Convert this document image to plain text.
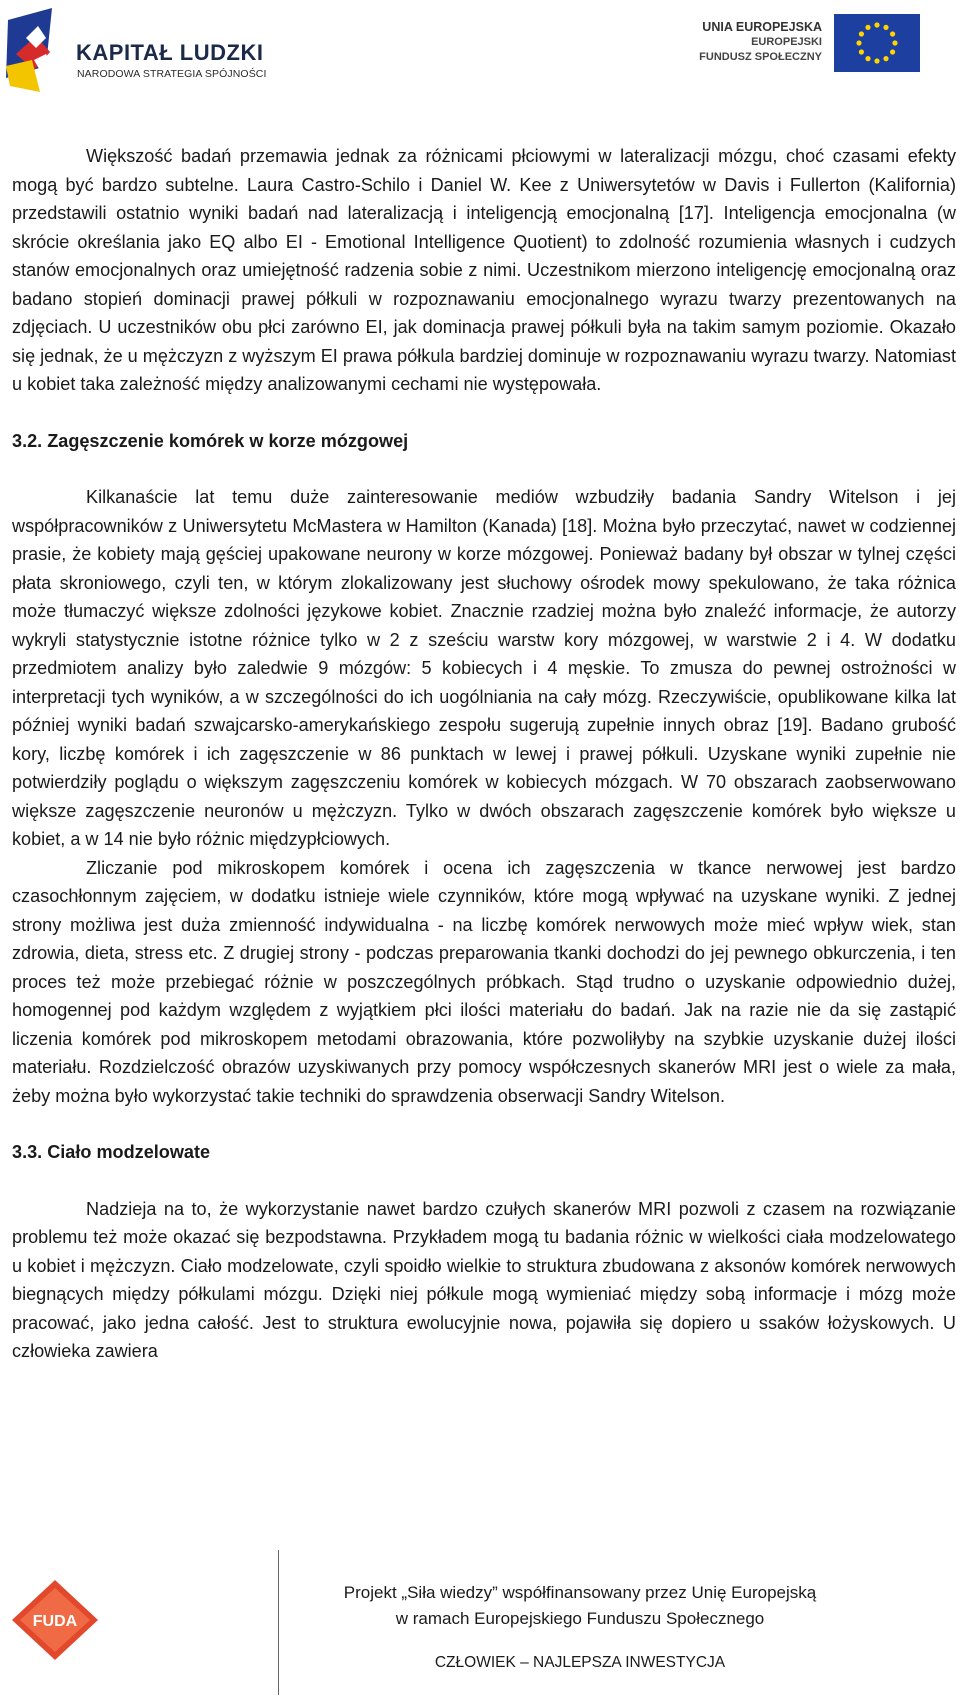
KAPITAŁ LUDZKI
NARODOWA STRATEGIA SPÓJNOŚCI
UNIA EUROPEJSKA
EUROPEJSKI
FUNDUSZ SPOŁECZNY

Większość badań przemawia jednak za różnicami płciowymi w lateralizacji mózgu, choć czasami efekty mogą być bardzo subtelne. Laura Castro-Schilo i Daniel W. Kee z Uniwersytetów w Davis i Fullerton (Kalifornia) przedstawili ostatnio wyniki badań nad lateralizacją i inteligencją emocjonalną [17]. Inteligencja emocjonalna (w skrócie określania jako EQ albo EI - Emotional Intelligence Quotient) to zdolność rozumienia własnych i cudzych stanów emocjonalnych oraz umiejętność radzenia sobie z nimi. Uczestnikom mierzono inteligencję emocjonalną oraz badano stopień dominacji prawej półkuli w rozpoznawaniu emocjonalnego wyrazu twarzy prezentowanych na zdjęciach. U uczestników obu płci zarówno EI, jak dominacja prawej półkuli była na takim samym poziomie. Okazało się jednak, że u mężczyzn z wyższym EI prawa półkula bardziej dominuje w rozpoznawaniu wyrazu twarzy. Natomiast u kobiet taka zależność między analizowanymi cechami nie występowała.

3.2. Zagęszczenie komórek w korze mózgowej

Kilkanaście lat temu duże zainteresowanie mediów wzbudziły badania Sandry Witelson i jej współpracowników z Uniwersytetu McMastera w Hamilton (Kanada) [18]. Można było przeczytać, nawet w codziennej prasie, że kobiety mają gęściej upakowane neurony w korze mózgowej. Ponieważ badany był obszar w tylnej części płata skroniowego, czyli ten, w którym zlokalizowany jest słuchowy ośrodek mowy spekulowano, że taka różnica może tłumaczyć większe zdolności językowe kobiet. Znacznie rzadziej można było znaleźć informacje, że autorzy wykryli statystycznie istotne różnice tylko w 2 z sześciu warstw kory mózgowej, w warstwie 2 i 4. W dodatku przedmiotem analizy było zaledwie 9 mózgów: 5 kobiecych i 4 męskie. To zmusza do pewnej ostrożności w interpretacji tych wyników, a w szczególności do ich uogólniania na cały mózg. Rzeczywiście, opublikowane kilka lat później wyniki badań szwajcarsko-amerykańskiego zespołu sugerują zupełnie innych obraz [19]. Badano grubość kory, liczbę komórek i ich zagęszczenie w 86 punktach w lewej i prawej półkuli. Uzyskane wyniki zupełnie nie potwierdziły poglądu o większym zagęszczeniu komórek w kobiecych mózgach. W 70 obszarach zaobserwowano większe zagęszczenie neuronów u mężczyzn. Tylko w dwóch obszarach zagęszczenie komórek było większe u kobiet, a w 14 nie było różnic międzypłciowych.

Zliczanie pod mikroskopem komórek i ocena ich zagęszczenia w tkance nerwowej jest bardzo czasochłonnym zajęciem, w dodatku istnieje wiele czynników, które mogą wpływać na uzyskane wyniki. Z jednej strony możliwa jest duża zmienność indywidualna - na liczbę komórek nerwowych może mieć wpływ wiek, stan zdrowia, dieta, stress etc. Z drugiej strony - podczas preparowania tkanki dochodzi do jej pewnego obkurczenia, i ten proces też może przebiegać różnie w poszczególnych próbkach. Stąd trudno o uzyskanie odpowiednio dużej, homogennej pod każdym względem z wyjątkiem płci ilości materiału do badań. Jak na razie nie da się zastąpić liczenia komórek pod mikroskopem metodami obrazowania, które pozwoliłyby na szybkie uzyskanie dużej ilości materiału. Rozdzielczość obrazów uzyskiwanych przy pomocy współczesnych skanerów MRI jest o wiele za mała, żeby można było wykorzystać takie techniki do sprawdzenia obserwacji Sandry Witelson.

3.3. Ciało modzelowate

Nadzieja na to, że wykorzystanie nawet bardzo czułych skanerów MRI pozwoli z czasem na rozwiązanie problemu też może okazać się bezpodstawna. Przykładem mogą tu badania różnic w wielkości ciała modzelowatego u kobiet i mężczyzn. Ciało modzelowate, czyli spoidło wielkie to struktura zbudowana z aksonów komórek nerwowych biegnących między półkulami mózgu. Dzięki niej półkule mogą wymieniać między sobą informacje i mózg może pracować, jako jedna całość. Jest to struktura ewolucyjnie nowa, pojawiła się dopiero u ssaków łożyskowych. U człowieka zawiera

FUDA
Projekt „Siła wiedzy” współfinansowany przez Unię Europejską
w ramach Europejskiego Funduszu Społecznego
CZŁOWIEK – NAJLEPSZA INWESTYCJA
